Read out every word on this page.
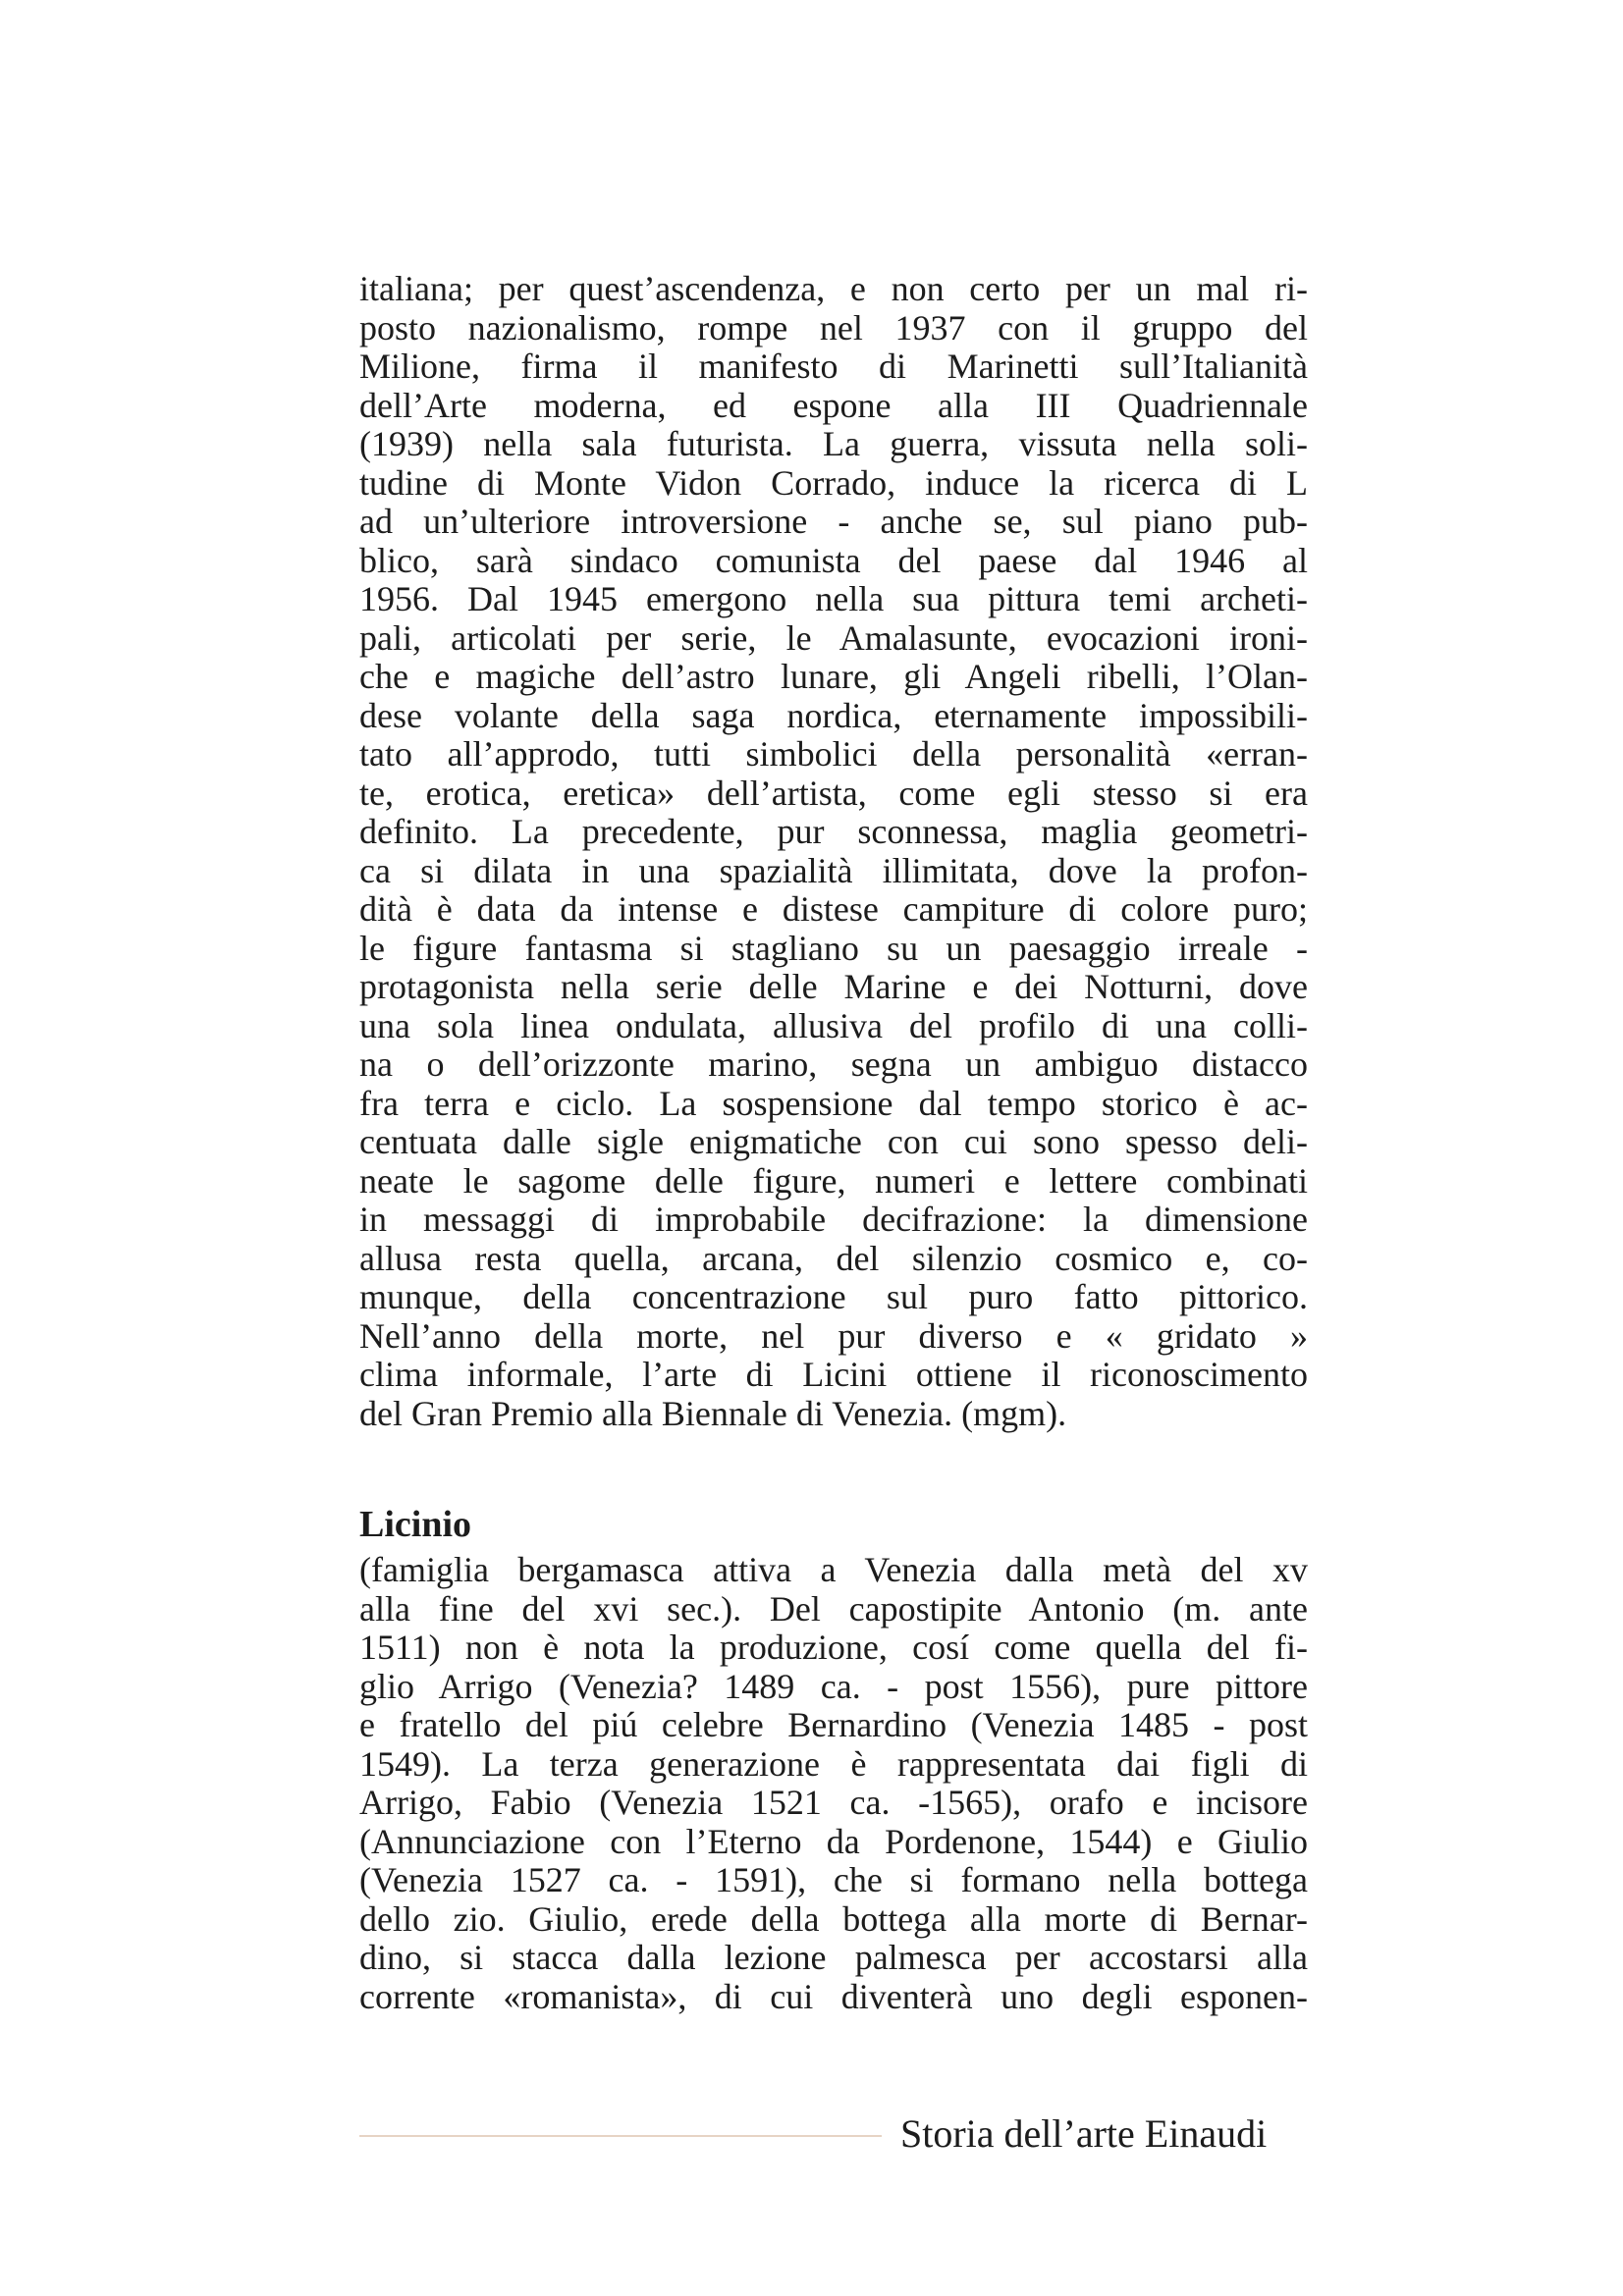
italiana; per quest’ascendenza, e non certo per un mal ri-
posto nazionalismo, rompe nel 1937 con il gruppo del
Milione, firma il manifesto di Marinetti sull’Italianità
dell’Arte moderna, ed espone alla III Quadriennale
(1939) nella sala futurista. La guerra, vissuta nella soli-
tudine di Monte Vidon Corrado, induce la ricerca di L
ad un’ulteriore introversione - anche se, sul piano pub-
blico, sarà sindaco comunista del paese dal 1946 al
1956. Dal 1945 emergono nella sua pittura temi archeti-
pali, articolati per serie, le Amalasunte, evocazioni ironi-
che e magiche dell’astro lunare, gli Angeli ribelli, l’Olan-
dese volante della saga nordica, eternamente impossibili-
tato all’approdo, tutti simbolici della personalità «erran-
te, erotica, eretica» dell’artista, come egli stesso si era
definito. La precedente, pur sconnessa, maglia geometri-
ca si dilata in una spazialità illimitata, dove la profon-
dità è data da intense e distese campiture di colore puro;
le figure fantasma si stagliano su un paesaggio irreale -
protagonista nella serie delle Marine e dei Notturni, dove
una sola linea ondulata, allusiva del profilo di una colli-
na o dell’orizzonte marino, segna un ambiguo distacco
fra terra e ciclo. La sospensione dal tempo storico è ac-
centuata dalle sigle enigmatiche con cui sono spesso deli-
neate le sagome delle figure, numeri e lettere combinati
in messaggi di improbabile decifrazione: la dimensione
allusa resta quella, arcana, del silenzio cosmico e, co-
munque, della concentrazione sul puro fatto pittorico.
Nell’anno della morte, nel pur diverso e « gridato »
clima informale, l’arte di Licini ottiene il riconoscimento
del Gran Premio alla Biennale di Venezia. (mgm).
Licinio
(famiglia bergamasca attiva a Venezia dalla metà del xv
alla fine del xvi sec.). Del capostipite Antonio (m. ante
1511) non è nota la produzione, cosí come quella del fi-
glio Arrigo (Venezia? 1489 ca. - post 1556), pure pittore
e fratello del piú celebre Bernardino (Venezia 1485 - post
1549). La terza generazione è rappresentata dai figli di
Arrigo, Fabio (Venezia 1521 ca. -1565), orafo e incisore
(Annunciazione con l’Eterno da Pordenone, 1544) e Giulio
(Venezia 1527 ca. - 1591), che si formano nella bottega
dello zio. Giulio, erede della bottega alla morte di Bernar-
dino, si stacca dalla lezione palmesca per accostarsi alla
corrente «romanista», di cui diventerà uno degli esponen-
Storia dell’arte Einaudi
